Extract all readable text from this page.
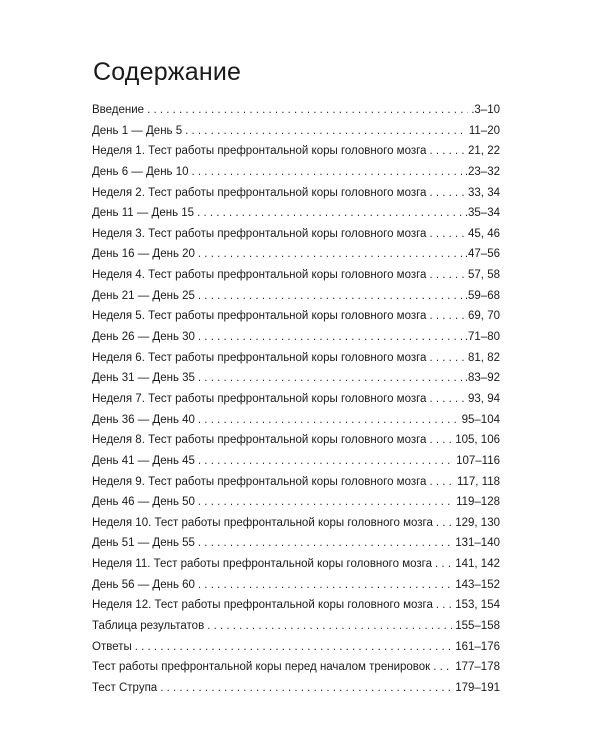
Содержание
Введение . . .	.3–10
День 1 — День 5 . . .	11–20
Неделя 1. Тест работы префронтальной коры головного мозга . . .	21, 22
День 6 — День 10 . . .	.23–32
Неделя 2. Тест работы префронтальной коры головного мозга . . .	33, 34
День 11 — День 15 . . .	.35–34
Неделя 3. Тест работы префронтальной коры головного мозга . . .	45, 46
День 16 — День 20 . . .	.47–56
Неделя 4. Тест работы префронтальной коры головного мозга . . .	57, 58
День 21 — День 25 . . .	.59–68
Неделя 5. Тест работы префронтальной коры головного мозга . . .	69, 70
День 26 — День 30 . . .	.71–80
Неделя 6. Тест работы префронтальной коры головного мозга . . .	81, 82
День 31 — День 35 . . .	.83–92
Неделя 7. Тест работы префронтальной коры головного мозга . . .	93, 94
День 36 — День 40 . . .	95–104
Неделя 8. Тест работы префронтальной коры головного мозга . . .	105, 106
День 41 — День 45 . . .	107–116
Неделя 9. Тест работы префронтальной коры головного мозга . . .	117, 118
День 46 — День 50 . . .	119–128
Неделя 10. Тест работы префронтальной коры головного мозга . . . 129, 130
День 51 — День 55 . . .	131–140
Неделя 11. Тест работы префронтальной коры головного мозга . . . 141, 142
День 56 — День 60 . . .	143–152
Неделя 12. Тест работы префронтальной коры головного мозга . . . 153, 154
Таблица результатов . . .	155–158
Ответы . . .	161–176
Тест работы префронтальной коры перед началом тренировок . . . 177–178
Тест Струпа . . .	179–191
